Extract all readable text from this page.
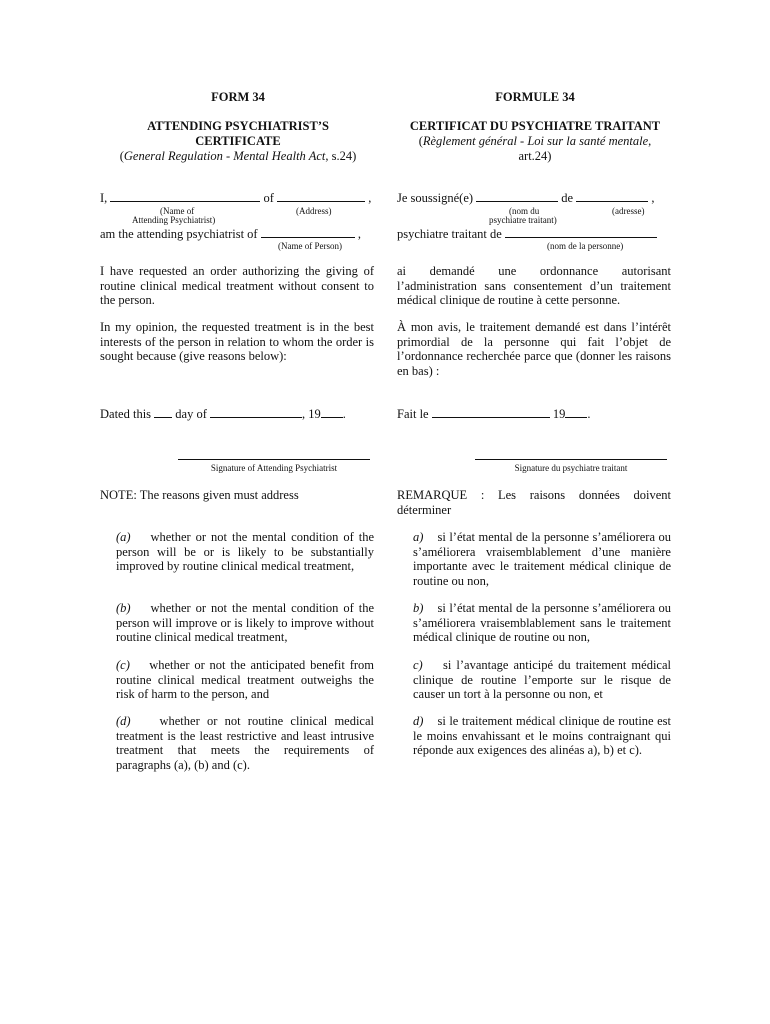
FORM 34
ATTENDING PSYCHIATRIST’S CERTIFICATE
(General Regulation - Mental Health Act, s.24)
I,	of	,
(Name of
Attending Psychiatrist)
(Address)
am the attending psychiatrist of	,
(Name of Person)
I have requested an order authorizing the giving of routine clinical medical treatment without consent to the person.
In my opinion, the requested treatment is in the best interests of the person in relation to whom the order is sought because (give reasons below):
Dated this day of	, 19 .
Signature of Attending Psychiatrist
NOTE: The reasons given must address
(a) whether or not the mental condition of the person will be or is likely to be substantially improved by routine clinical medical treatment,
(b) whether or not the mental condition of the person will improve or is likely to improve without routine clinical medical treatment,
(c) whether or not the anticipated benefit from routine clinical medical treatment outweighs the risk of harm to the person, and
(d) whether or not routine clinical medical treatment is the least restrictive and least intrusive treatment that meets the requirements of paragraphs (a), (b) and (c).
FORMULE 34
CERTIFICAT DU PSYCHIATRE TRAITANT
(Règlement général - Loi sur la santé mentale, art.24)
Je soussigné(e)	de	,
(nom du
psychiatre traitant)
(adresse)
psychiatre traitant de
(nom de la personne)
ai demandé une ordonnance autorisant l’administration sans consentement d’un traitement médical clinique de routine à cette personne.
À mon avis, le traitement demandé est dans l’intérêt primordial de la personne qui fait l’objet de l’ordonnance recherchée parce que (donner les raisons en bas) :
Fait le	19 .
Signature du psychiatre traitant
REMARQUE : Les raisons données doivent déterminer
a) si l’état mental de la personne s’améliorera ou s’améliorera vraisemblablement d’une manière importante avec le traitement médical clinique de routine ou non,
b) si l’état mental de la personne s’améliorera ou s’améliorera vraisemblablement sans le traitement médical clinique de routine ou non,
c) si l’avantage anticipé du traitement médical clinique de routine l’emporte sur le risque de causer un tort à la personne ou non, et
d) si le traitement médical clinique de routine est le moins envahissant et le moins contraignant qui réponde aux exigences des alinéas a), b) et c).
